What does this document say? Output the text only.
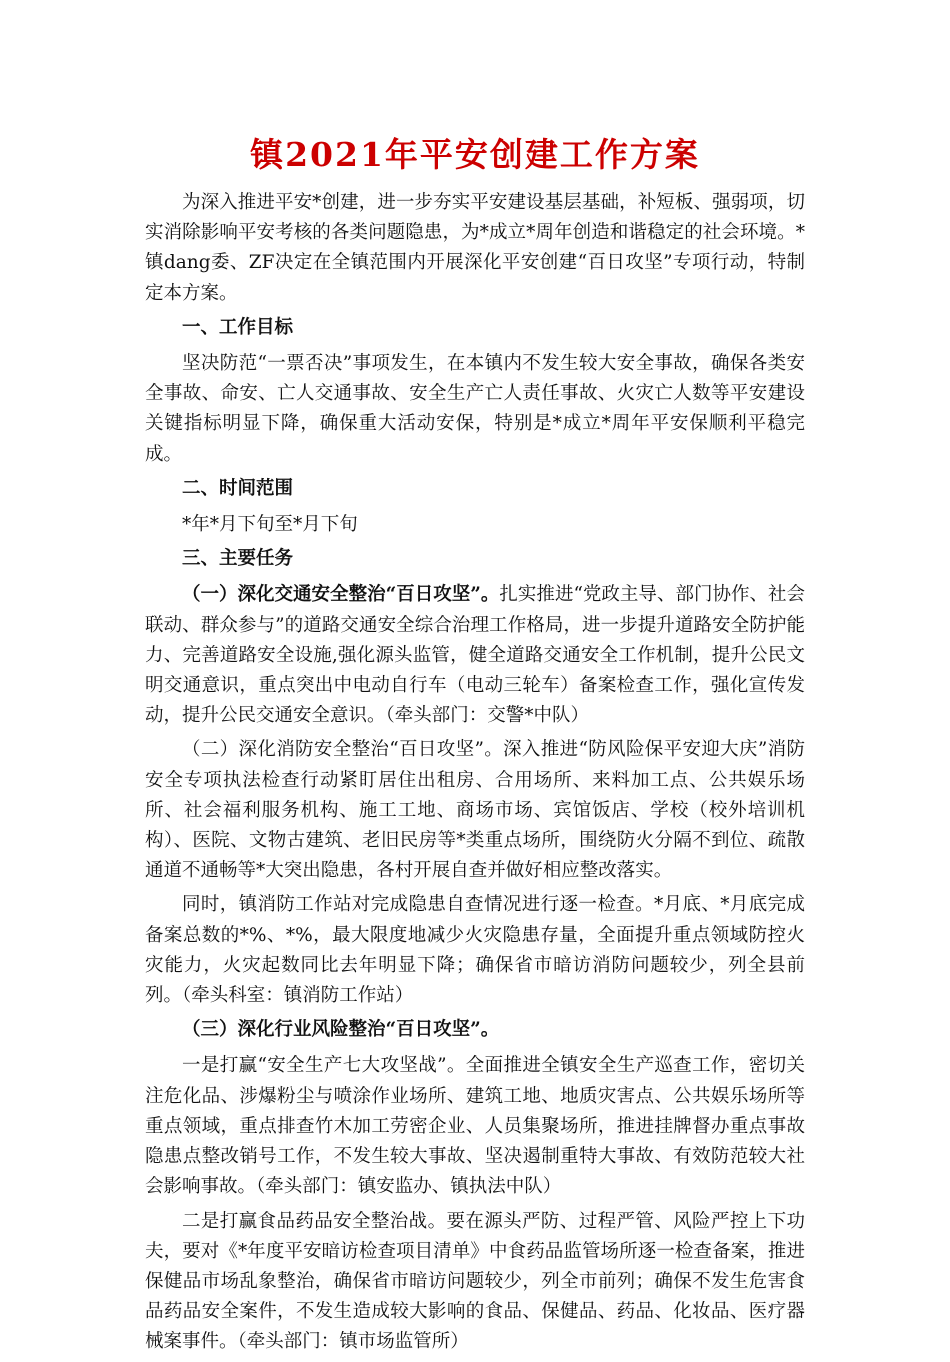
镇2021年平安创建工作方案

为深入推进平安*创建，进一步夯实平安建设基层基础，补短板、强弱项，切实消除影响平安考核的各类问题隐患，为*成立*周年创造和谐稳定的社会环境。*镇dang委、ZF决定在全镇范围内开展深化平安创建“百日攻坚”专项行动，特制定本方案。

一、工作目标

坚决防范“一票否决”事项发生，在本镇内不发生较大安全事故，确保各类安全事故、命安、亡人交通事故、安全生产亡人责任事故、火灾亡人数等平安建设关键指标明显下降，确保重大活动安保，特别是*成立*周年平安保顺利平稳完成。

二、时间范围

*年*月下旬至*月下旬

三、主要任务

（一）深化交通安全整治“百日攻坚”。扎实推进“党政主导、部门协作、社会联动、群众参与”的道路交通安全综合治理工作格局，进一步提升道路安全防护能力、完善道路安全设施,强化源头监管，健全道路交通安全工作机制，提升公民文明交通意识，重点突出中电动自行车（电动三轮车）备案检查工作，强化宣传发动，提升公民交通安全意识。（牵头部门：交警*中队）

（二）深化消防安全整治“百日攻坚”。深入推进“防风险保平安迎大庆”消防安全专项执法检查行动紧盯居住出租房、合用场所、来料加工点、公共娱乐场所、社会福利服务机构、施工工地、商场市场、宾馆饭店、学校（校外培训机构）、医院、文物古建筑、老旧民房等*类重点场所，围绕防火分隔不到位、疏散通道不通畅等*大突出隐患，各村开展自查并做好相应整改落实。

同时，镇消防工作站对完成隐患自查情况进行逐一检查。*月底、*月底完成备案总数的*%、*%，最大限度地减少火灾隐患存量，全面提升重点领域防控火灾能力，火灾起数同比去年明显下降；确保省市暗访消防问题较少，列全县前列。（牵头科室：镇消防工作站）

（三）深化行业风险整治“百日攻坚”。

一是打赢“安全生产七大攻坚战”。全面推进全镇安全生产巡查工作，密切关注危化品、涉爆粉尘与喷涂作业场所、建筑工地、地质灾害点、公共娱乐场所等重点领域，重点排查竹木加工劳密企业、人员集聚场所，推进挂牌督办重点事故隐患点整改销号工作，不发生较大事故、坚决遏制重特大事故、有效防范较大社会影响事故。（牵头部门：镇安监办、镇执法中队）

二是打赢食品药品安全整治战。要在源头严防、过程严管、风险严控上下功夫，要对《*年度平安暗访检查项目清单》中食药品监管场所逐一检查备案，推进保健品市场乱象整治，确保省市暗访问题较少，列全市前列；确保不发生危害食品药品安全案件，不发生造成较大影响的食品、保健品、药品、化妆品、医疗器械案事件。（牵头部门：镇市场监管所）
